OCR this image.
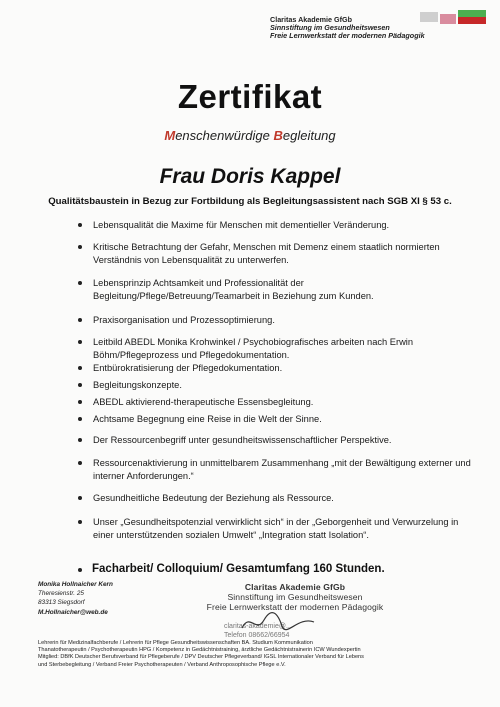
Claritas Akademie GfGb
Sinnstiftung im Gesundheitswesen
Freie Lernwerkstatt der modernen Pädagogik
Zertifikat
Menschenwürdige Begleitung
Frau Doris Kappel
Qualitätsbaustein in Bezug zur Fortbildung als Begleitungsassistent nach SGB XI § 53 c.
Lebensqualität die Maxime für Menschen mit dementieller Veränderung.
Kritische Betrachtung der Gefahr, Menschen mit Demenz einem staatlich normierten Verständnis von Lebensqualität zu unterwerfen.
Lebensprinzip Achtsamkeit und Professionalität der Begleitung/Pflege/Betreuung/Teamarbeit in Beziehung zum Kunden.
Praxisorganisation und Prozessoptimierung.
Leitbild ABEDL Monika Krohwinkel / Psychobiografisches arbeiten nach Erwin Böhm/Pflegeprozess und Pflegedokumentation.
Entbürokratisierung der Pflegedokumentation.
Begleitungskonzepte.
ABEDL aktivierend-therapeutische Essensbegleitung.
Achtsame Begegnung eine Reise in die Welt der Sinne.
Der Ressourcenbegriff unter gesundheitswissenschaftlicher Perspektive.
Ressourcenaktivierung in unmittelbarem Zusammenhang „mit der Bewältigung externer und interner Anforderungen.“
Gesundheitliche Bedeutung der Beziehung als Ressource.
Unser „Gesundheitspotenzial verwirklicht sich“ in der „Geborgenheit und Verwurzelung in einer unterstützenden sozialen Umwelt“ „Integration statt Isolation“.
Facharbeit/ Colloquium/ Gesamtumfang 160 Stunden.
Monika Hollnaicher Kern
Theresienstr. 25
83313 Siegsdorf
M.Hollnaicher@web.de
Claritas Akademie GfGb
Sinnstiftung im Gesundheitswesen
Freie Lernwerkstatt der modernen Pädagogik
claritas-akademie@...
Telefon 08662/66954
Lehrerin für Medizinalfachberufe / Lehrerin für Pflege Gesundheitswissenschaften BA. Studium Kommunikation
Thanatotherapeutin / Psychotherapeutin HPG / Kompetenz in Gedächtnistraining, ärztliche Gedächtnistrainerin ICW Wundexpertin
Mitglied: DBfK Deutscher Berufsverband für Pflegeberufe / DPV Deutscher Pflegeverband/ IGSL Internationaler Verband für Lebens
und Sterbebegleitung / Verband Freier Psychotherapeuten / Verband Anthroposophische Pflege e.V.
